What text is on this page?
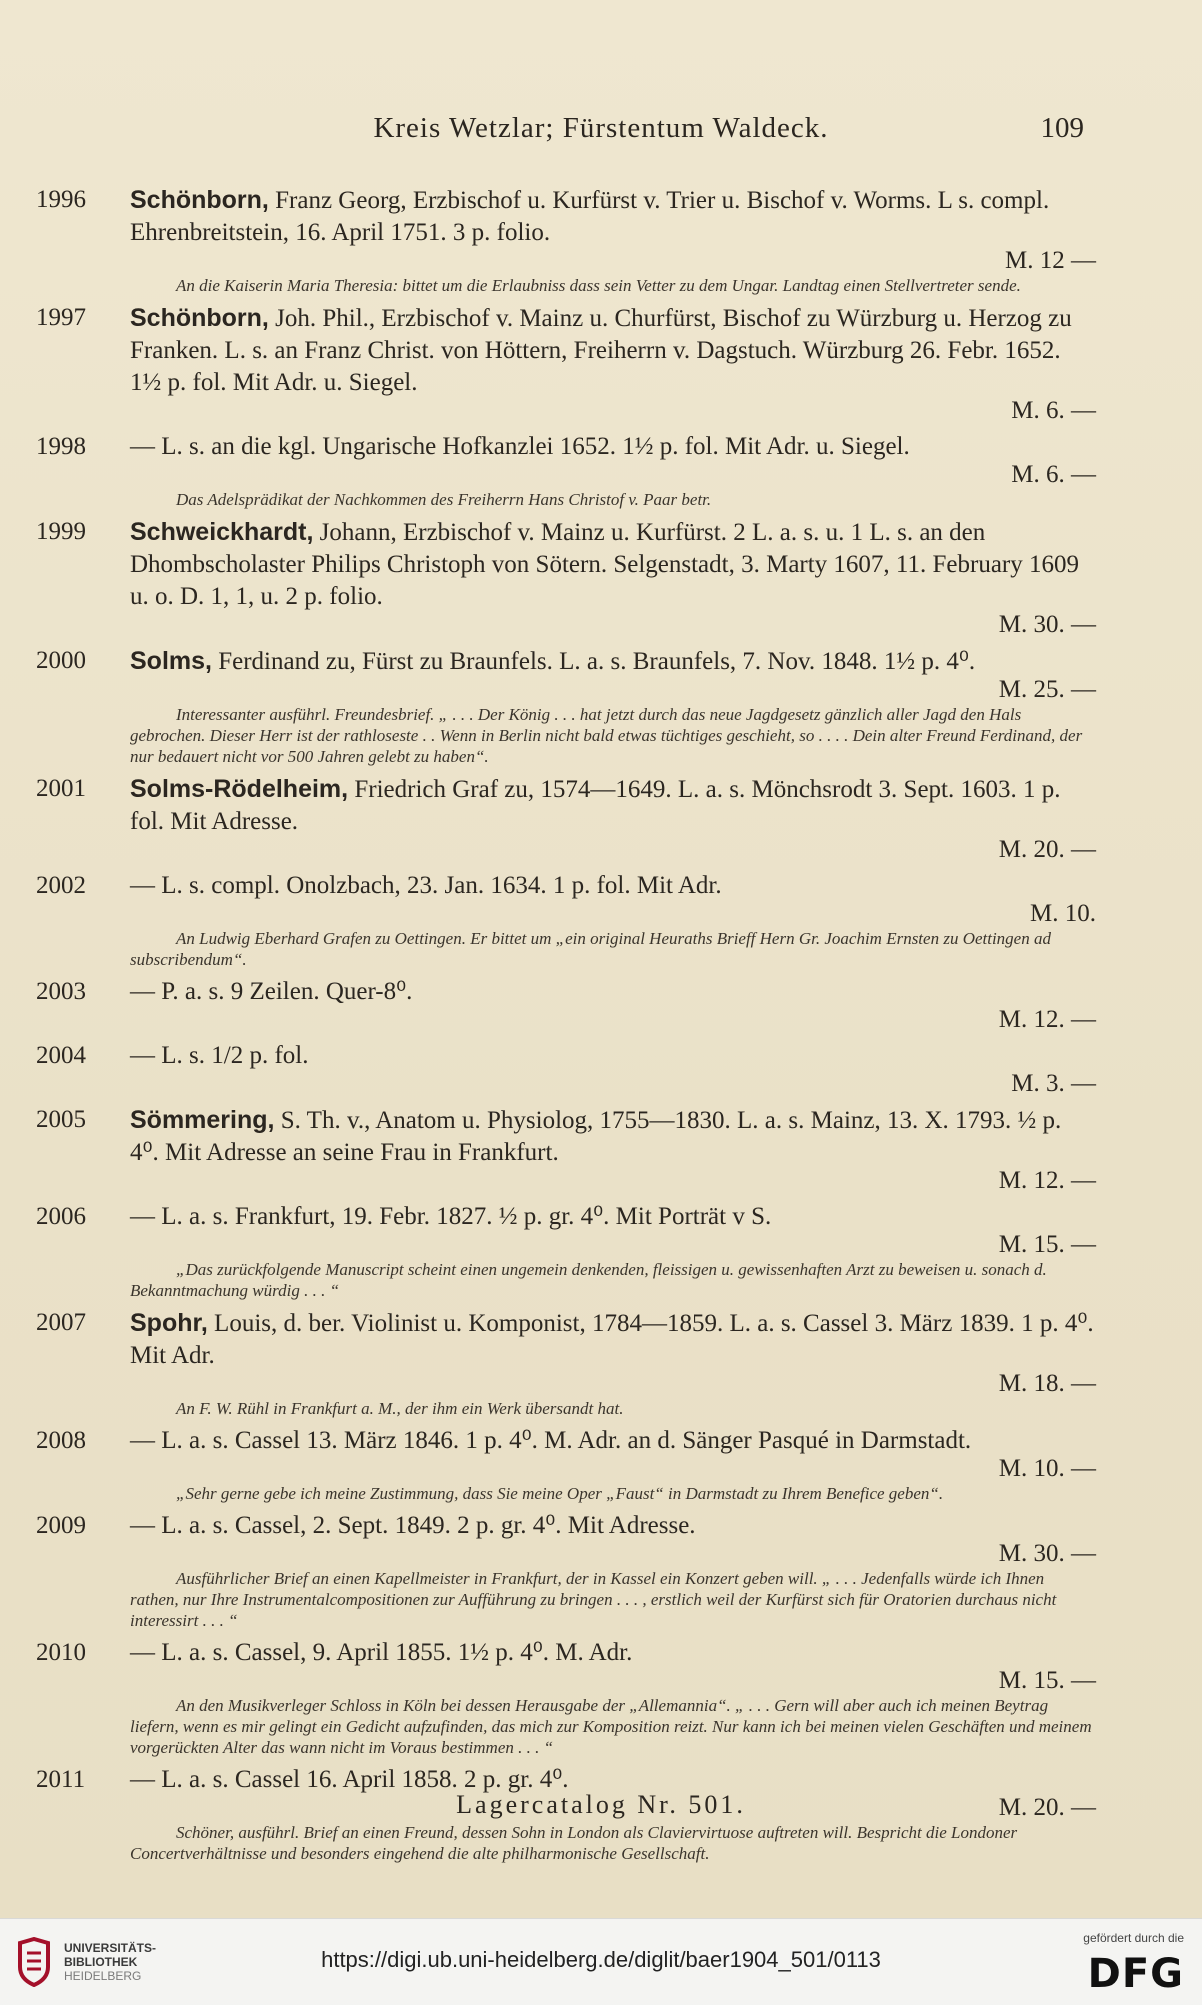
Kreis Wetzlar; Fürstentum Waldeck.	109
1996	Schönborn, Franz Georg, Erzbischof u. Kurfürst v. Trier u. Bischof v. Worms. L s. compl. Ehrenbreitstein, 16. April 1751. 3 p. folio.
M. 12 —
An die Kaiserin Maria Theresia: bittet um die Erlaubniss dass sein Vetter zu dem Ungar. Landtag einen Stellvertreter sende.
1997	Schönborn, Joh. Phil., Erzbischof v. Mainz u. Churfürst, Bischof zu Würzburg u. Herzog zu Franken. L. s. an Franz Christ. von Höttern, Freiherrn v. Dagstuch. Würzburg 26. Febr. 1652. 1½ p. fol. Mit Adr. u. Siegel.
M. 6. —
1998	— L. s. an die kgl. Ungarische Hofkanzlei 1652. 1½ p. fol. Mit Adr. u. Siegel.
M. 6. —
Das Adelsprädikat der Nachkommen des Freiherrn Hans Christof v. Paar betr.
1999	Schweickhardt, Johann, Erzbischof v. Mainz u. Kurfürst. 2 L. a. s. u. 1 L. s. an den Dhombscholaster Philips Christoph von Sötern. Selgenstadt, 3. Marty 1607, 11. February 1609 u. o. D. 1, 1, u. 2 p. folio.
M. 30. —
2000	Solms, Ferdinand zu, Fürst zu Braunfels. L. a. s. Braunfels, 7. Nov. 1848. 1½ p. 4⁰.
M. 25. —
Interessanter ausführl. Freundesbrief. „ . . . Der König . . . hat jetzt durch das neue Jagdgesetz gänzlich aller Jagd den Hals gebrochen. Dieser Herr ist der rathloseste . . Wenn in Berlin nicht bald etwas tüchtiges geschieht, so . . . . Dein alter Freund Ferdinand, der nur bedauert nicht vor 500 Jahren gelebt zu haben“.
2001	Solms-Rödelheim, Friedrich Graf zu, 1574—1649. L. a. s. Mönchsrodt 3. Sept. 1603. 1 p. fol. Mit Adresse.
M. 20. —
2002	— L. s. compl. Onolzbach, 23. Jan. 1634. 1 p. fol. Mit Adr.
M. 10.
An Ludwig Eberhard Grafen zu Oettingen. Er bittet um „ein original Heuraths Brieff Hern Gr. Joachim Ernsten zu Oettingen ad subscribendum“.
2003	— P. a. s. 9 Zeilen. Quer-8⁰.
M. 12. —
2004	— L. s. 1/2 p. fol.
M. 3. —
2005	Sömmering, S. Th. v., Anatom u. Physiolog, 1755—1830. L. a. s. Mainz, 13. X. 1793. ½ p. 4⁰. Mit Adresse an seine Frau in Frankfurt.
M. 12. —
2006	— L. a. s. Frankfurt, 19. Febr. 1827. ½ p. gr. 4⁰. Mit Porträt v S.
M. 15. —
„Das zurückfolgende Manuscript scheint einen ungemein denkenden, fleissigen u. gewissenhaften Arzt zu beweisen u. sonach d. Bekanntmachung würdig . . . “
2007	Spohr, Louis, d. ber. Violinist u. Komponist, 1784—1859. L. a. s. Cassel 3. März 1839. 1 p. 4⁰. Mit Adr.
M. 18. —
An F. W. Rühl in Frankfurt a. M., der ihm ein Werk übersandt hat.
2008	— L. a. s. Cassel 13. März 1846. 1 p. 4⁰. M. Adr. an d. Sänger Pasqué in Darmstadt.
M. 10. —
„Sehr gerne gebe ich meine Zustimmung, dass Sie meine Oper „Faust“ in Darmstadt zu Ihrem Benefice geben“.
2009	— L. a. s. Cassel, 2. Sept. 1849. 2 p. gr. 4⁰. Mit Adresse.
M. 30. —
Ausführlicher Brief an einen Kapellmeister in Frankfurt, der in Kassel ein Konzert geben will. „ . . . Jedenfalls würde ich Ihnen rathen, nur Ihre Instrumentalcompositionen zur Aufführung zu bringen . . . , erstlich weil der Kurfürst sich für Oratorien durchaus nicht interessirt . . . “
2010	— L. a. s. Cassel, 9. April 1855. 1½ p. 4⁰. M. Adr.
M. 15. —
An den Musikverleger Schloss in Köln bei dessen Herausgabe der „Allemannia“. „ . . . Gern will aber auch ich meinen Beytrag liefern, wenn es mir gelingt ein Gedicht aufzufinden, das mich zur Komposition reizt. Nur kann ich bei meinen vielen Geschäften und meinem vorgerückten Alter das wann nicht im Voraus bestimmen . . . “
2011	— L. a. s. Cassel 16. April 1858. 2 p. gr. 4⁰.
M. 20. —
Schöner, ausführl. Brief an einen Freund, dessen Sohn in London als Claviervirtuose auftreten will. Bespricht die Londoner Concertverhältnisse und besonders eingehend die alte philharmonische Gesellschaft.
Lagercatalog Nr. 501.
UNIVERSITÄTS-
BIBLIOTHEK
HEIDELBERG
https://digi.ub.uni-heidelberg.de/diglit/baer1904_501/0113
gefördert durch die
DFG
